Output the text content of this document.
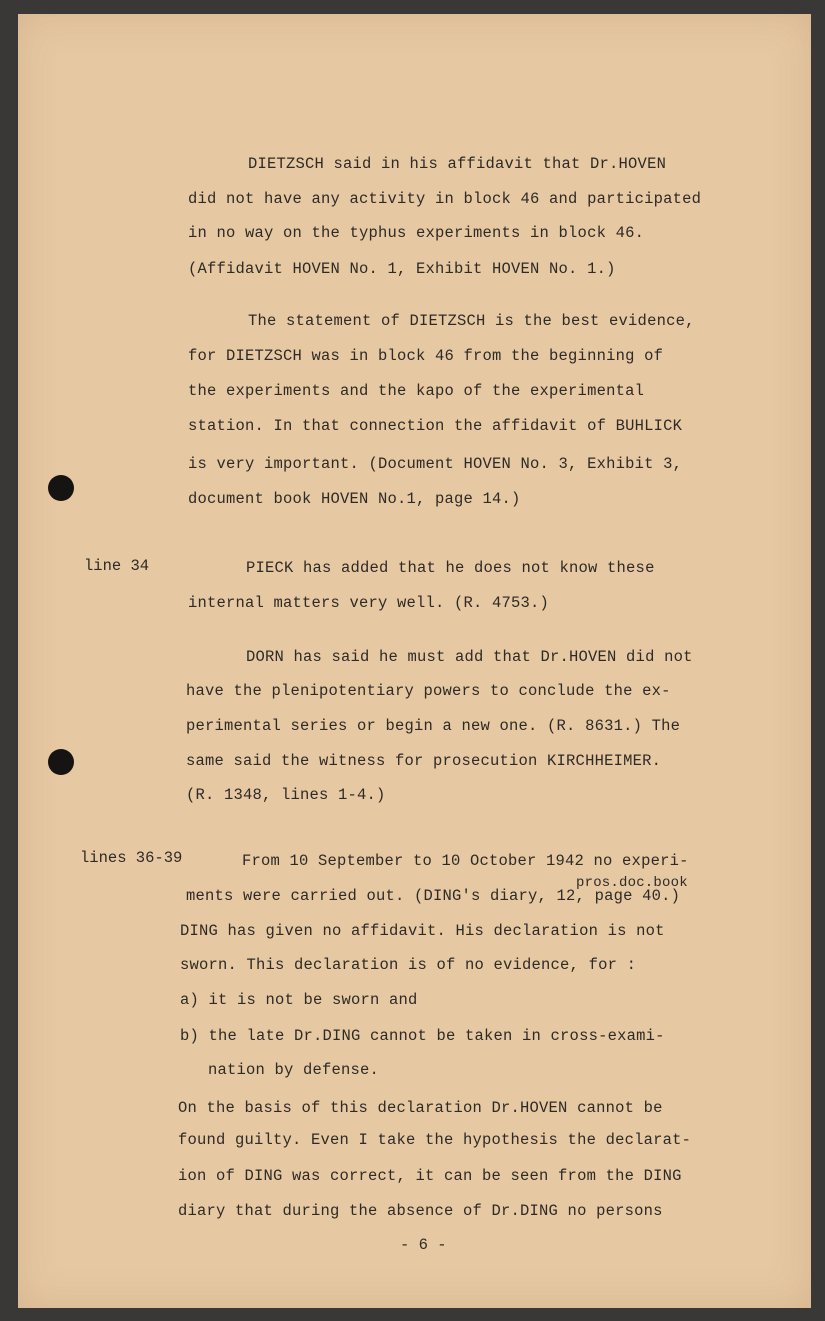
DIETZSCH said in his affidavit that Dr.HOVEN
did not have any activity in block 46 and participated
in no way on the typhus experiments in block 46.
(Affidavit HOVEN No. 1, Exhibit HOVEN No. 1.)
The statement of DIETZSCH is the best evidence,
for DIETZSCH was in block 46 from the beginning of
the experiments and the kapo of the experimental
station. In that connection the affidavit of BUHLICK
is very important. (Document HOVEN No. 3, Exhibit 3,
document book HOVEN No.1, page 14.)
line 34	PIECK has added that he does not know these
internal matters very well. (R. 4753.)
DORN has said he must add that Dr.HOVEN did not
have the plenipotentiary powers to conclude the ex-
perimental series or begin a new one. (R. 8631.) The
same said the witness for prosecution KIRCHHEIMER.
(R. 1348, lines 1-4.)
lines 36-39	From 10 September to 10 October 1942 no experi-
pros.doc.book
ments were carried out. (DING's diary, 12, page 40.)
DING has given no affidavit. His declaration is not
sworn. This declaration is of no evidence, for :
a) it is not be sworn and
b) the late Dr.DING cannot be taken in cross-exami-
nation by defense.
On the basis of this declaration Dr.HOVEN cannot be
found guilty. Even I take the hypothesis the declarat-
ion of DING was correct, it can be seen from the DING
diary that during the absence of Dr.DING no persons
- 6 -
